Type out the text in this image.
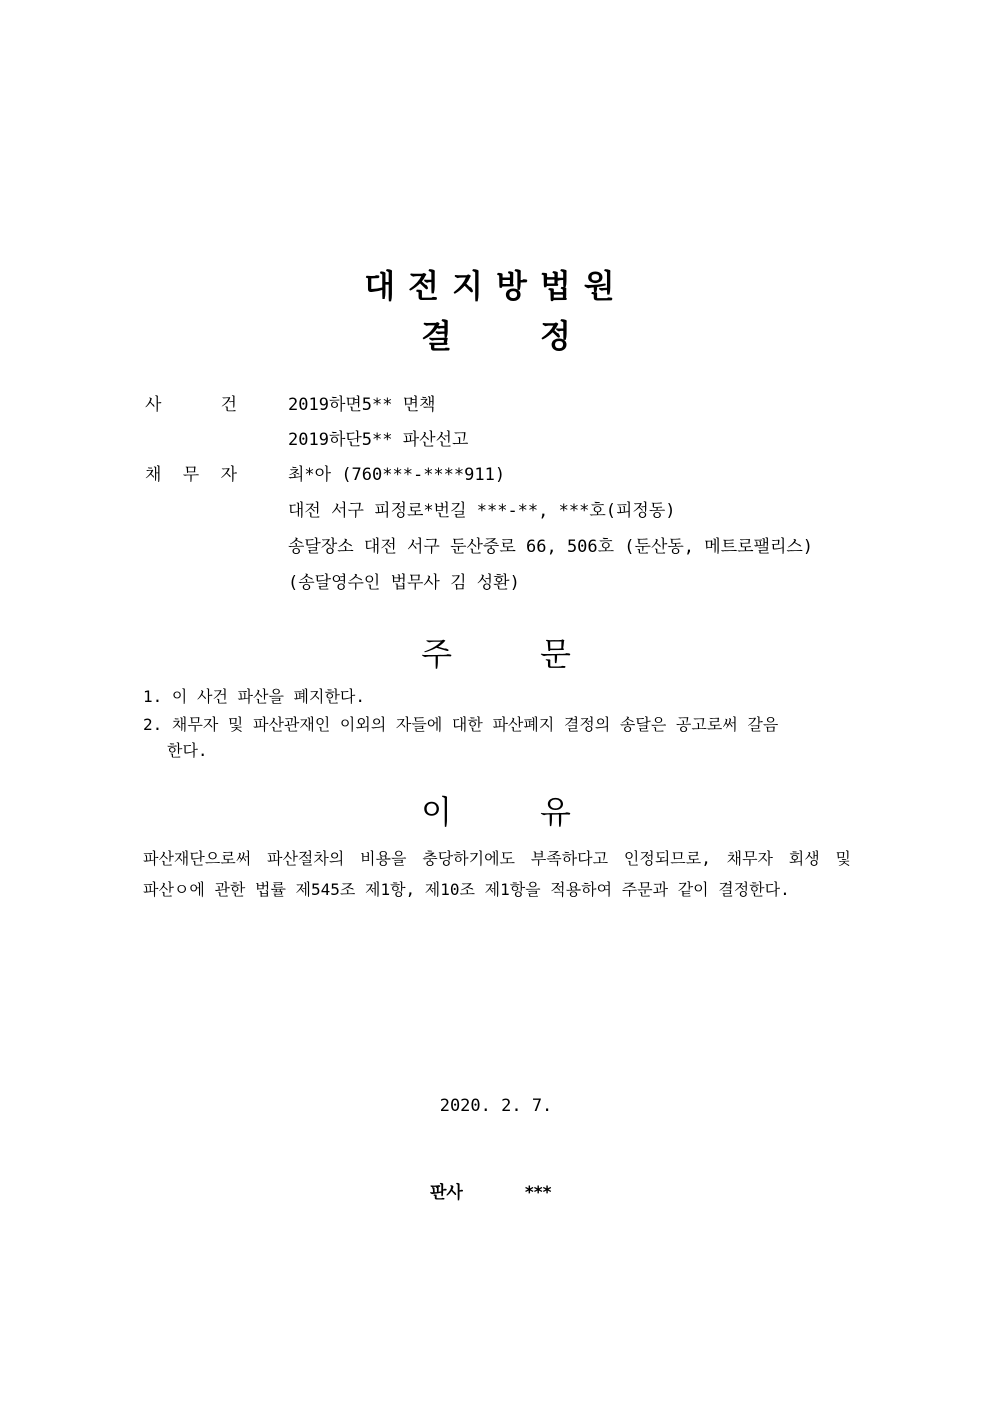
대전지방법원
결	정
사	건	2019하면5** 면책
2019하단5** 파산선고
채 무 자	최*아 (760***-****911)
대전 서구 피정로*번길 ***-**, ***호(피정동)
송달장소 대전 서구 둔산중로 66, 506호 (둔산동, 메트로팰리스)
(송달영수인 법무사 김 성환)
주	문
1. 이 사건 파산을 폐지한다.
2. 채무자 및 파산관재인 이외의 자들에 대한 파산폐지 결정의 송달은 공고로써 갈음
한다.
이	유
파산재단으로써 파산절차의 비용을 충당하기에도 부족하다고 인정되므로, 채무자 회생 및 파산ㅇ에 관한 법률 제545조 제1항, 제10조 제1항을 적용하여 주문과 같이 결정한다.
2020. 2. 7.
판사	***
